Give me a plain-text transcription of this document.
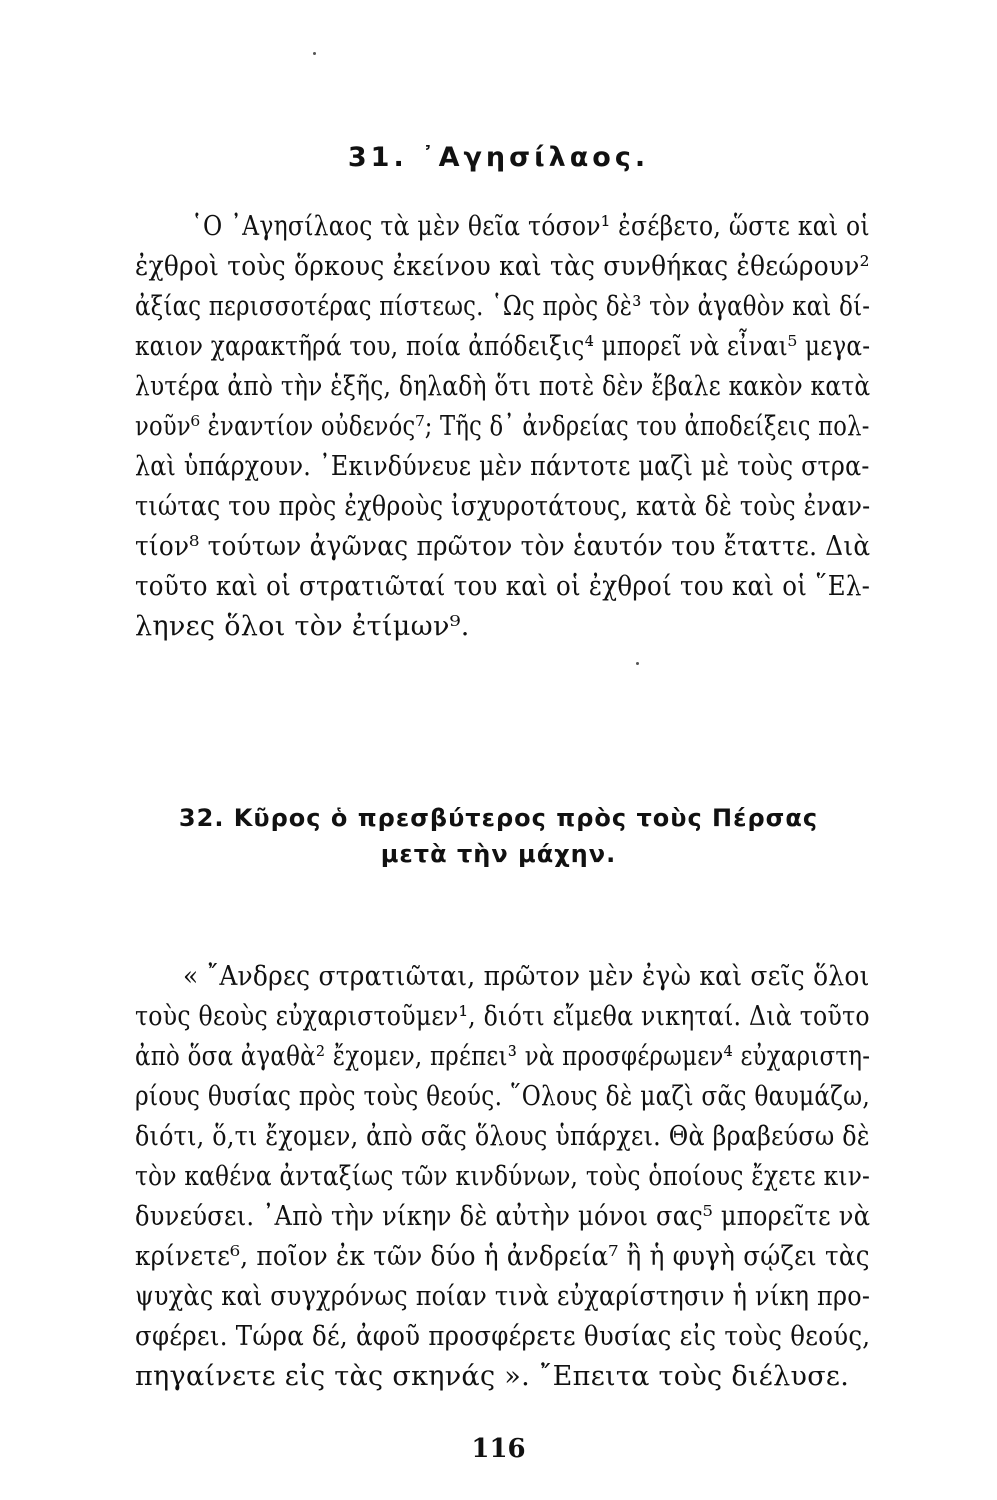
31. ᾿Αγησίλαος.
῾Ο ᾿Αγησίλαος τὰ μὲν θεῖα τόσον¹ ἐσέβετο, ὥστε καὶ οἱ
ἐχθροὶ τοὺς ὅρκους ἐκείνου καὶ τὰς συνθήκας ἐθεώρουν²
ἀξίας περισσοτέρας πίστεως. ῾Ως πρὸς δὲ³ τὸν ἀγαθὸν καὶ δί-
καιον χαρακτῆρά του, ποία ἀπόδειξις⁴ μπορεῖ νὰ εἶναι⁵ μεγα-
λυτέρα ἀπὸ τὴν ἑξῆς, δηλαδὴ ὅτι ποτὲ δὲν ἔβαλε κακὸν κατὰ
νοῦν⁶ ἐναντίον οὐδενός⁷; Τῆς δ᾿ ἀνδρείας του ἀποδείξεις πολ-
λαὶ ὑπάρχουν. ᾿Εκινδύνευε μὲν πάντοτε μαζὶ μὲ τοὺς στρα-
τιώτας του πρὸς ἐχθροὺς ἰσχυροτάτους, κατὰ δὲ τοὺς ἐναν-
τίον⁸ τούτων ἀγῶνας πρῶτον τὸν ἑαυτόν του ἔταττε. Διὰ
τοῦτο καὶ οἱ στρατιῶταί του καὶ οἱ ἐχθροί του καὶ οἱ ῞Ελ-
ληνες ὅλοι τὸν ἐτίμων⁹.
32. Κῦρος ὁ πρεσβύτερος πρὸς τοὺς Πέρσας
μετὰ τὴν μάχην.
« ῎Ανδρες στρατιῶται, πρῶτον μὲν ἐγὼ καὶ σεῖς ὅλοι
τοὺς θεοὺς εὐχαριστοῦμεν¹, διότι εἴμεθα νικηταί. Διὰ τοῦτο
ἀπὸ ὅσα ἀγαθὰ² ἔχομεν, πρέπει³ νὰ προσφέρωμεν⁴ εὐχαριστη-
ρίους θυσίας πρὸς τοὺς θεούς. ῞Ολους δὲ μαζὶ σᾶς θαυμάζω,
διότι, ὅ,τι ἔχομεν, ἀπὸ σᾶς ὅλους ὑπάρχει. Θὰ βραβεύσω δὲ
τὸν καθένα ἀνταξίως τῶν κινδύνων, τοὺς ὁποίους ἔχετε κιν-
δυνεύσει. ᾿Απὸ τὴν νίκην δὲ αὐτὴν μόνοι σας⁵ μπορεῖτε νὰ
κρίνετε⁶, ποῖον ἐκ τῶν δύο ἡ ἀνδρεία⁷ ἢ ἡ φυγὴ σῴζει τὰς
ψυχὰς καὶ συγχρόνως ποίαν τινὰ εὐχαρίστησιν ἡ νίκη προ-
σφέρει. Τώρα δέ, ἀφοῦ προσφέρετε θυσίας εἰς τοὺς θεούς,
πηγαίνετε εἰς τὰς σκηνάς ». ῎Επειτα τοὺς διέλυσε.
116
